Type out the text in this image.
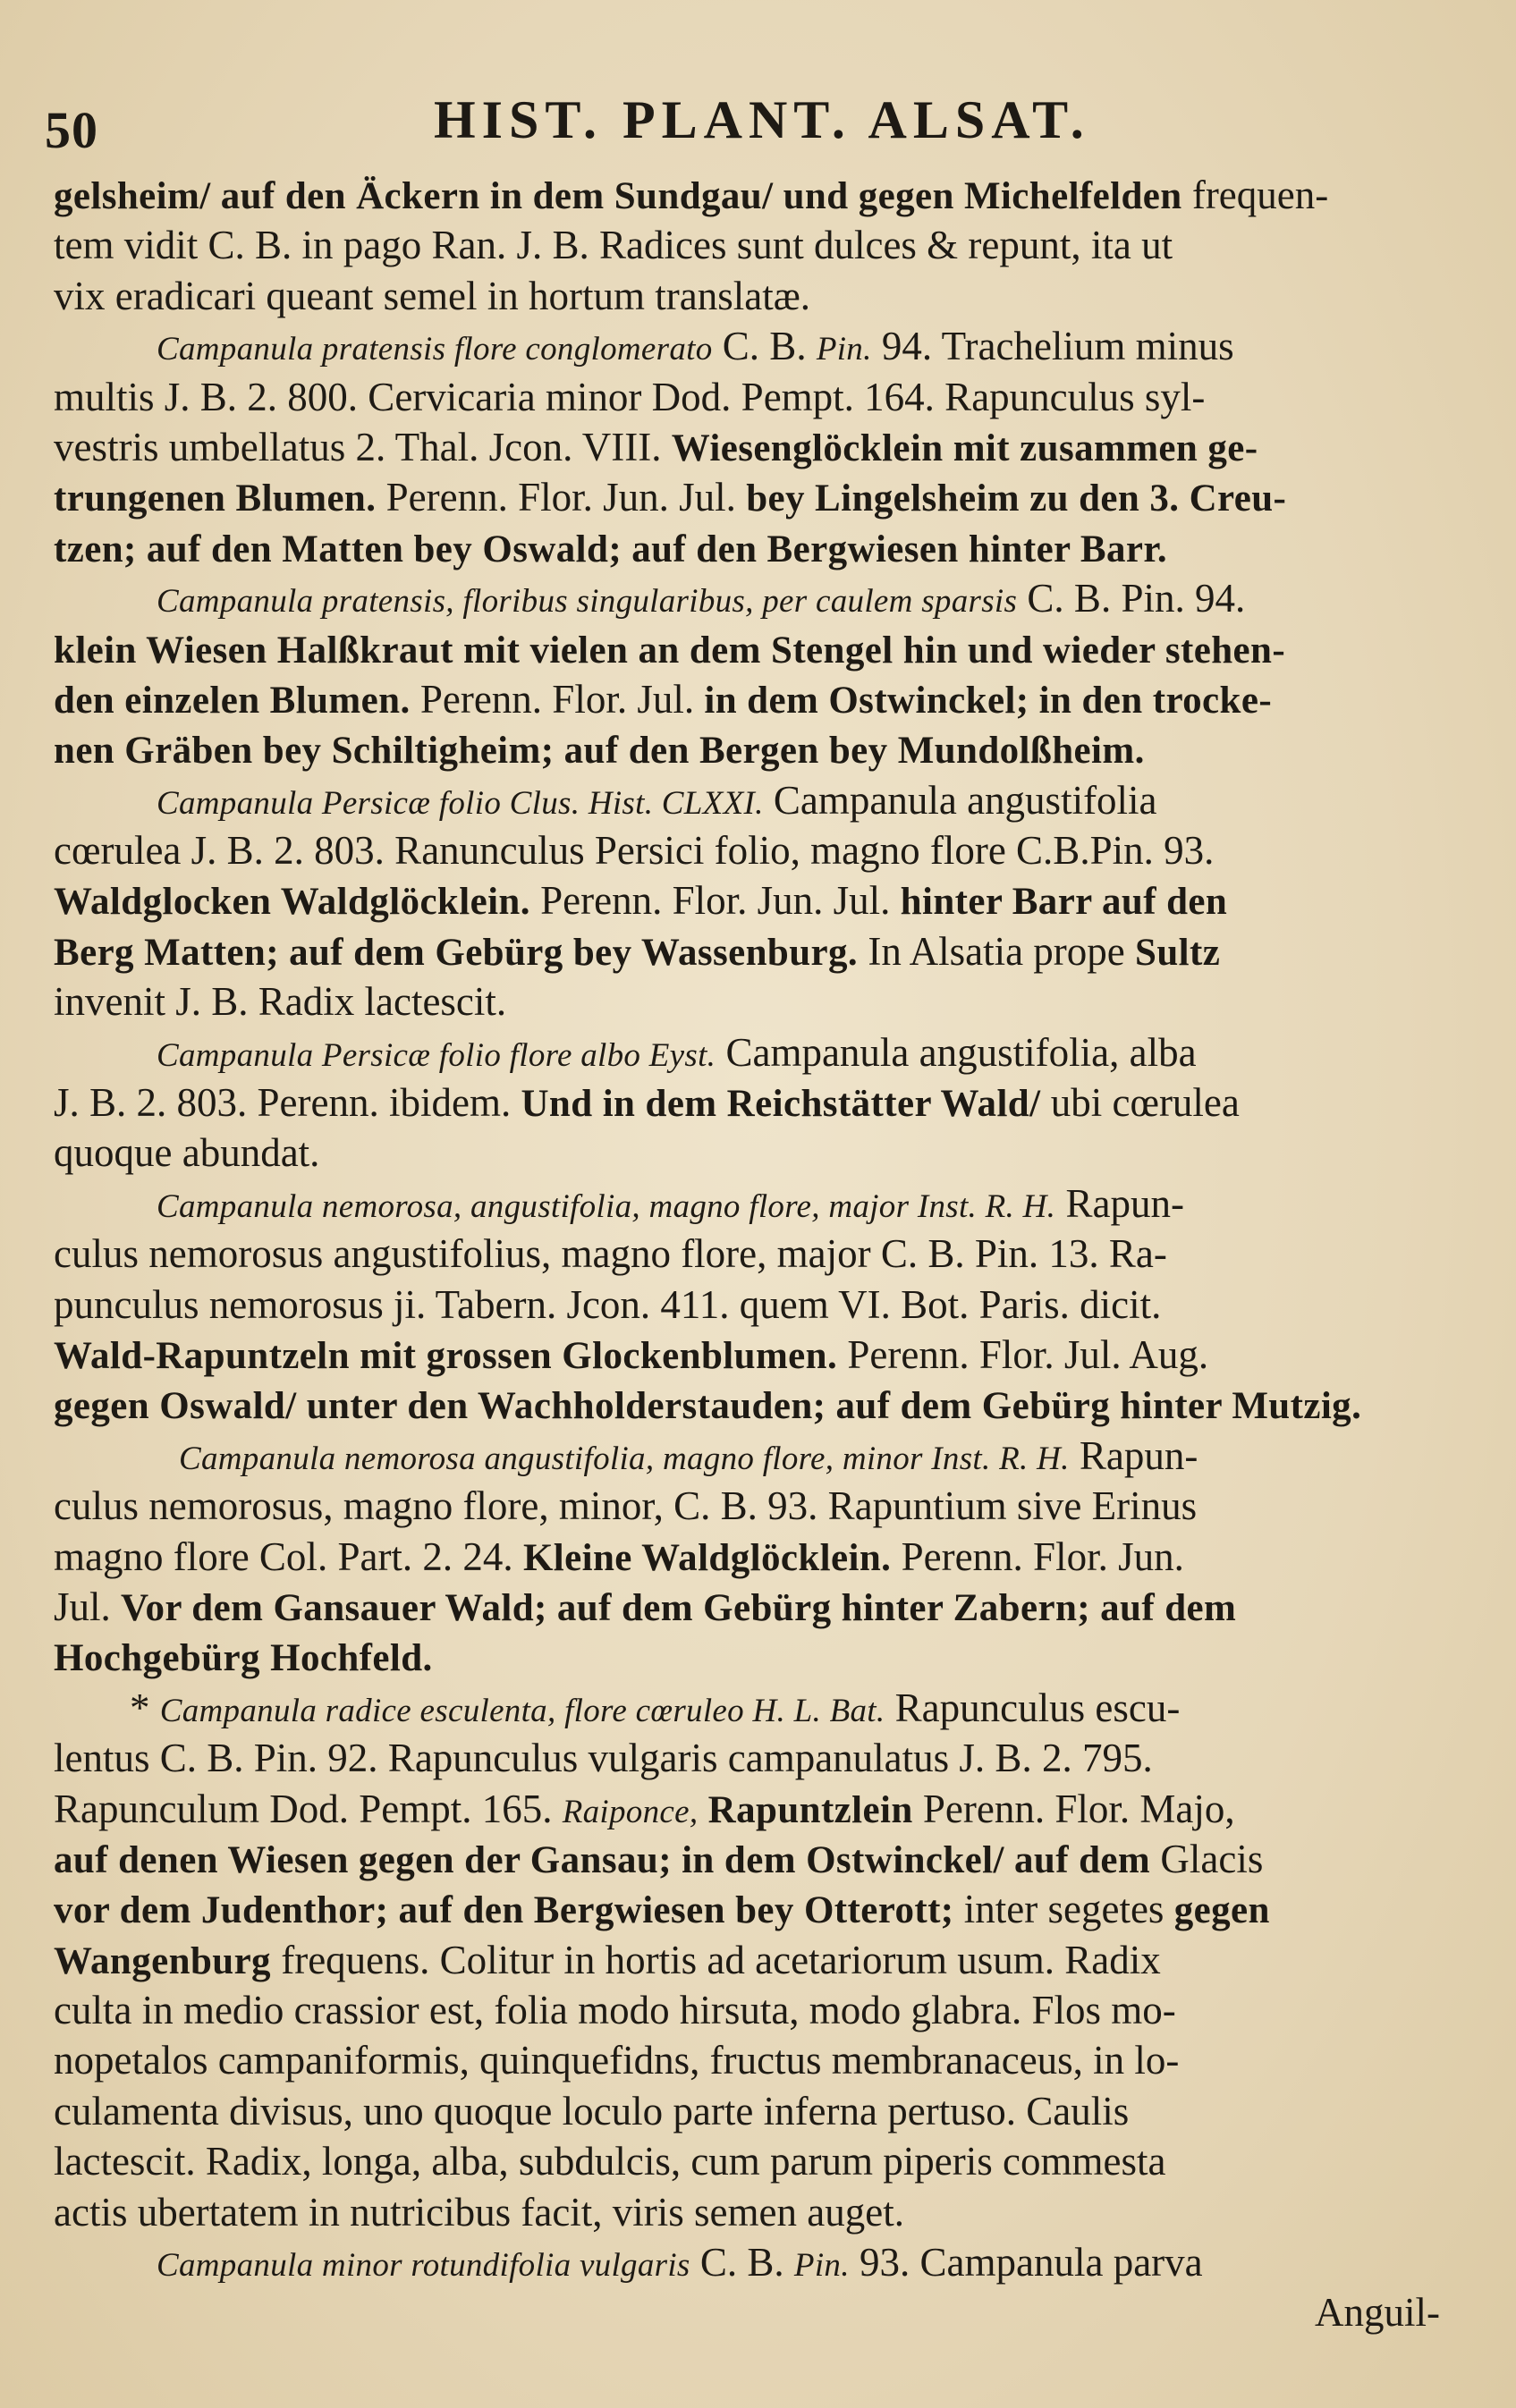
50	HIST. PLANT. ALSAT.
gelsheim/ auf den Äckern in dem Sundgau/ und gegen Michelfelden frequen-
tem vidit C. B. in pago Ran. J. B. Radices sunt dulces & repunt, ita ut
vix eradicari queant semel in hortum translatæ.
Campanula pratensis flore conglomerato C. B. Pin. 94. Trachelium minus
multis J. B. 2. 800. Cervicaria minor Dod. Pempt. 164. Rapunculus syl-
vestris umbellatus 2. Thal. Jcon. VIII. Wiesenglöcklein mit zusammen ge-
trungenen Blumen. Perenn. Flor. Jun. Jul. bey Lingelsheim zu den 3. Creu-
tzen; auf den Matten bey Oswald; auf den Bergwiesen hinter Barr.
Campanula pratensis, floribus singularibus, per caulem sparsis C. B. Pin. 94.
klein Wiesen Halßkraut mit vielen an dem Stengel hin und wieder stehen-
den einzelen Blumen. Perenn. Flor. Jul. in dem Ostwinckel; in den trocke-
nen Gräben bey Schiltigheim; auf den Bergen bey Mundolßheim.
Campanula Persicæ folio Clus. Hist. CLXXI. Campanula angustifolia
cœrulea J. B. 2. 803. Ranunculus Persici folio, magno flore C.B.Pin. 93.
Waldglocken Waldglöcklein. Perenn. Flor. Jun. Jul. hinter Barr auf den
Berg Matten; auf dem Gebürg bey Wassenburg. In Alsatia prope Sultz
invenit J. B. Radix lactescit.
Campanula Persicæ folio flore albo Eyst. Campanula angustifolia, alba
J. B. 2. 803. Perenn. ibidem. Und in dem Reichstätter Wald/ ubi cœrulea
quoque abundat.
Campanula nemorosa, angustifolia, magno flore, major Inst. R. H. Rapun-
culus nemorosus angustifolius, magno flore, major C. B. Pin. 13. Ra-
punculus nemorosus ji. Tabern. Jcon. 411. quem VI. Bot. Paris. dicit.
Wald-Rapuntzeln mit grossen Glockenblumen. Perenn. Flor. Jul. Aug.
gegen Oswald/ unter den Wachholderstauden; auf dem Gebürg hinter Mutzig.
Campanula nemorosa angustifolia, magno flore, minor Inst. R. H. Rapun-
culus nemorosus, magno flore, minor, C. B. 93. Rapuntium sive Erinus
magno flore Col. Part. 2. 24. Kleine Waldglöcklein. Perenn. Flor. Jun.
Jul. Vor dem Gansauer Wald; auf dem Gebürg hinter Zabern; auf dem
Hochgebürg Hochfeld.
* Campanula radice esculenta, flore cœruleo H. L. Bat. Rapunculus escu-
lentus C. B. Pin. 92. Rapunculus vulgaris campanulatus J. B. 2. 795.
Rapunculum Dod. Pempt. 165. Raiponce, Rapuntzlein Perenn. Flor. Majo,
auf denen Wiesen gegen der Gansau; in dem Ostwinckel/ auf dem Glacis
vor dem Judenthor; auf den Bergwiesen bey Otterott; inter segetes gegen
Wangenburg frequens. Colitur in hortis ad acetariorum usum. Radix
culta in medio crassior est, folia modo hirsuta, modo glabra. Flos mo-
nopetalos campaniformis, quinquefidns, fructus membranaceus, in lo-
culamenta divisus, uno quoque loculo parte inferna pertuso. Caulis
lactescit. Radix, longa, alba, subdulcis, cum parum piperis commesta
actis ubertatem in nutricibus facit, viris semen auget.
Campanula minor rotundifolia vulgaris C. B. Pin. 93. Campanula parva
Anguil-
